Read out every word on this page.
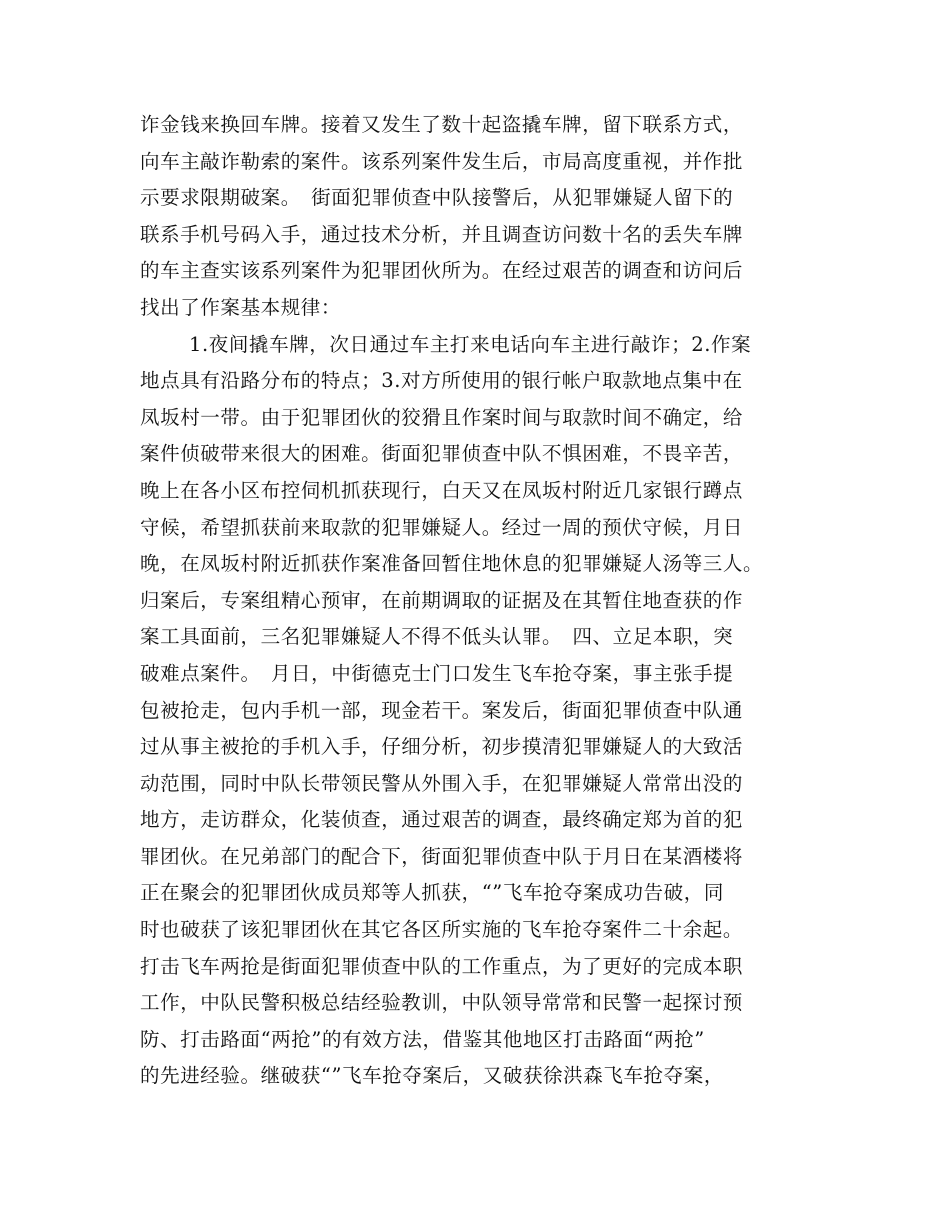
诈金钱来换回车牌。接着又发生了数十起盗撬车牌，留下联系方式，
向车主敲诈勒索的案件。该系列案件发生后，市局高度重视，并作批
示要求限期破案。　街面犯罪侦查中队接警后，从犯罪嫌疑人留下的
联系手机号码入手，通过技术分析，并且调查访问数十名的丢失车牌
的车主查实该系列案件为犯罪团伙所为。在经过艰苦的调查和访问后
找出了作案基本规律：
1.夜间撬车牌，次日通过车主打来电话向车主进行敲诈；2.作案
地点具有沿路分布的特点；3.对方所使用的银行帐户取款地点集中在
凤坂村一带。由于犯罪团伙的狡猾且作案时间与取款时间不确定，给
案件侦破带来很大的困难。街面犯罪侦查中队不惧困难，不畏辛苦，
晚上在各小区布控伺机抓获现行，白天又在凤坂村附近几家银行蹲点
守候，希望抓获前来取款的犯罪嫌疑人。经过一周的预伏守候，月日
晚，在凤坂村附近抓获作案准备回暂住地休息的犯罪嫌疑人汤等三人。
归案后，专案组精心预审，在前期调取的证据及在其暂住地查获的作
案工具面前，三名犯罪嫌疑人不得不低头认罪。　四、立足本职，突
破难点案件。　月日，中街德克士门口发生飞车抢夺案，事主张手提
包被抢走，包内手机一部，现金若干。案发后，街面犯罪侦查中队通
过从事主被抢的手机入手，仔细分析，初步摸清犯罪嫌疑人的大致活
动范围，同时中队长带领民警从外围入手，在犯罪嫌疑人常常出没的
地方，走访群众，化装侦查，通过艰苦的调查，最终确定郑为首的犯
罪团伙。在兄弟部门的配合下，街面犯罪侦查中队于月日在某酒楼将
正在聚会的犯罪团伙成员郑等人抓获，“”飞车抢夺案成功告破，同
时也破获了该犯罪团伙在其它各区所实施的飞车抢夺案件二十余起。
打击飞车两抢是街面犯罪侦查中队的工作重点，为了更好的完成本职
工作，中队民警积极总结经验教训，中队领导常常和民警一起探讨预
防、打击路面“两抢”的有效方法，借鉴其他地区打击路面“两抢”
的先进经验。继破获“”飞车抢夺案后，又破获徐洪森飞车抢夺案，
